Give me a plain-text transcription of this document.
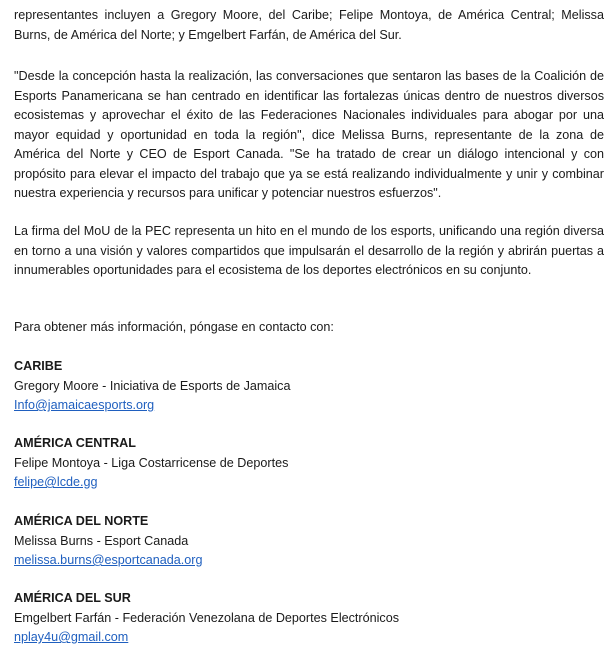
representantes incluyen a Gregory Moore, del Caribe; Felipe Montoya, de América Central; Melissa Burns, de América del Norte; y Emgelbert Farfán, de América del Sur.

"Desde la concepción hasta la realización, las conversaciones que sentaron las bases de la Coalición de Esports Panamericana se han centrado en identificar las fortalezas únicas dentro de nuestros diversos ecosistemas y aprovechar el éxito de las Federaciones Nacionales individuales para abogar por una mayor equidad y oportunidad en toda la región", dice Melissa Burns, representante de la zona de América del Norte y CEO de Esport Canada. "Se ha tratado de crear un diálogo intencional y con propósito para elevar el impacto del trabajo que ya se está realizando individualmente y unir y combinar nuestra experiencia y recursos para unificar y potenciar nuestros esfuerzos".

La firma del MoU de la PEC representa un hito en el mundo de los esports, unificando una región diversa en torno a una visión y valores compartidos que impulsarán el desarrollo de la región y abrirán puertas a innumerables oportunidades para el ecosistema de los deportes electrónicos en su conjunto.

Para obtener más información, póngase en contacto con:

CARIBE
Gregory Moore - Iniciativa de Esports de Jamaica
Info@jamaicaesports.org
AMÉRICA CENTRAL
Felipe Montoya - Liga Costarricense de Deportes
felipe@lcde.gg
AMÉRICA DEL NORTE
Melissa Burns - Esport Canada
melissa.burns@esportcanada.org
AMÉRICA DEL SUR
Emgelbert Farfán - Federación Venezolana de Deportes Electrónicos
nplay4u@gmail.com
